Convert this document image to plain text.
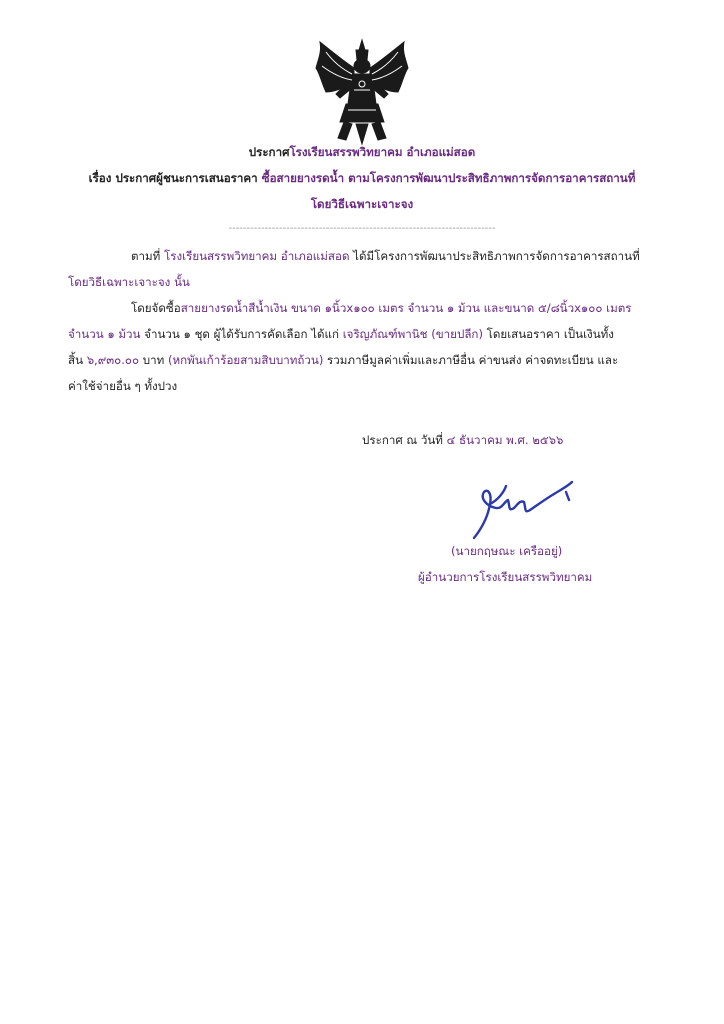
ประกาศโรงเรียนสรรพวิทยาคม อำเภอแม่สอด
เรื่อง ประกาศผู้ชนะการเสนอราคา ซื้อสายยางรดน้ำ ตามโครงการพัฒนาประสิทธิภาพการจัดการอาคารสถานที่
โดยวิธีเฉพาะเจาะจง
--------------------------------------------------------------------------
ตามที่ โรงเรียนสรรพวิทยาคม อำเภอแม่สอด ได้มีโครงการพัฒนาประสิทธิภาพการจัดการอาคารสถานที่
โดยวิธีเฉพาะเจาะจง นั้น
โดยจัดซื้อสายยางรดน้ำสีน้ำเงิน ขนาด ๑นิ้วx๑๐๐ เมตร จำนวน ๑ ม้วน และขนาด ๕/๘นิ้วx๑๐๐ เมตร
จำนวน ๑ ม้วน จำนวน ๑ ชุด ผู้ได้รับการคัดเลือก ได้แก่ เจริญภัณฑ์พานิช (ขายปลีก) โดยเสนอราคา เป็นเงินทั้ง
สิ้น ๖,๙๓๐.๐๐ บาท (หกพันเก้าร้อยสามสิบบาทถ้วน) รวมภาษีมูลค่าเพิ่มและภาษีอื่น ค่าขนส่ง ค่าจดทะเบียน และ
ค่าใช้จ่ายอื่น ๆ ทั้งปวง
ประกาศ ณ วันที่ ๔ ธันวาคม พ.ศ. ๒๕๖๖
(นายกฤษณะ เครืออยู่)
ผู้อำนวยการโรงเรียนสรรพวิทยาคม
